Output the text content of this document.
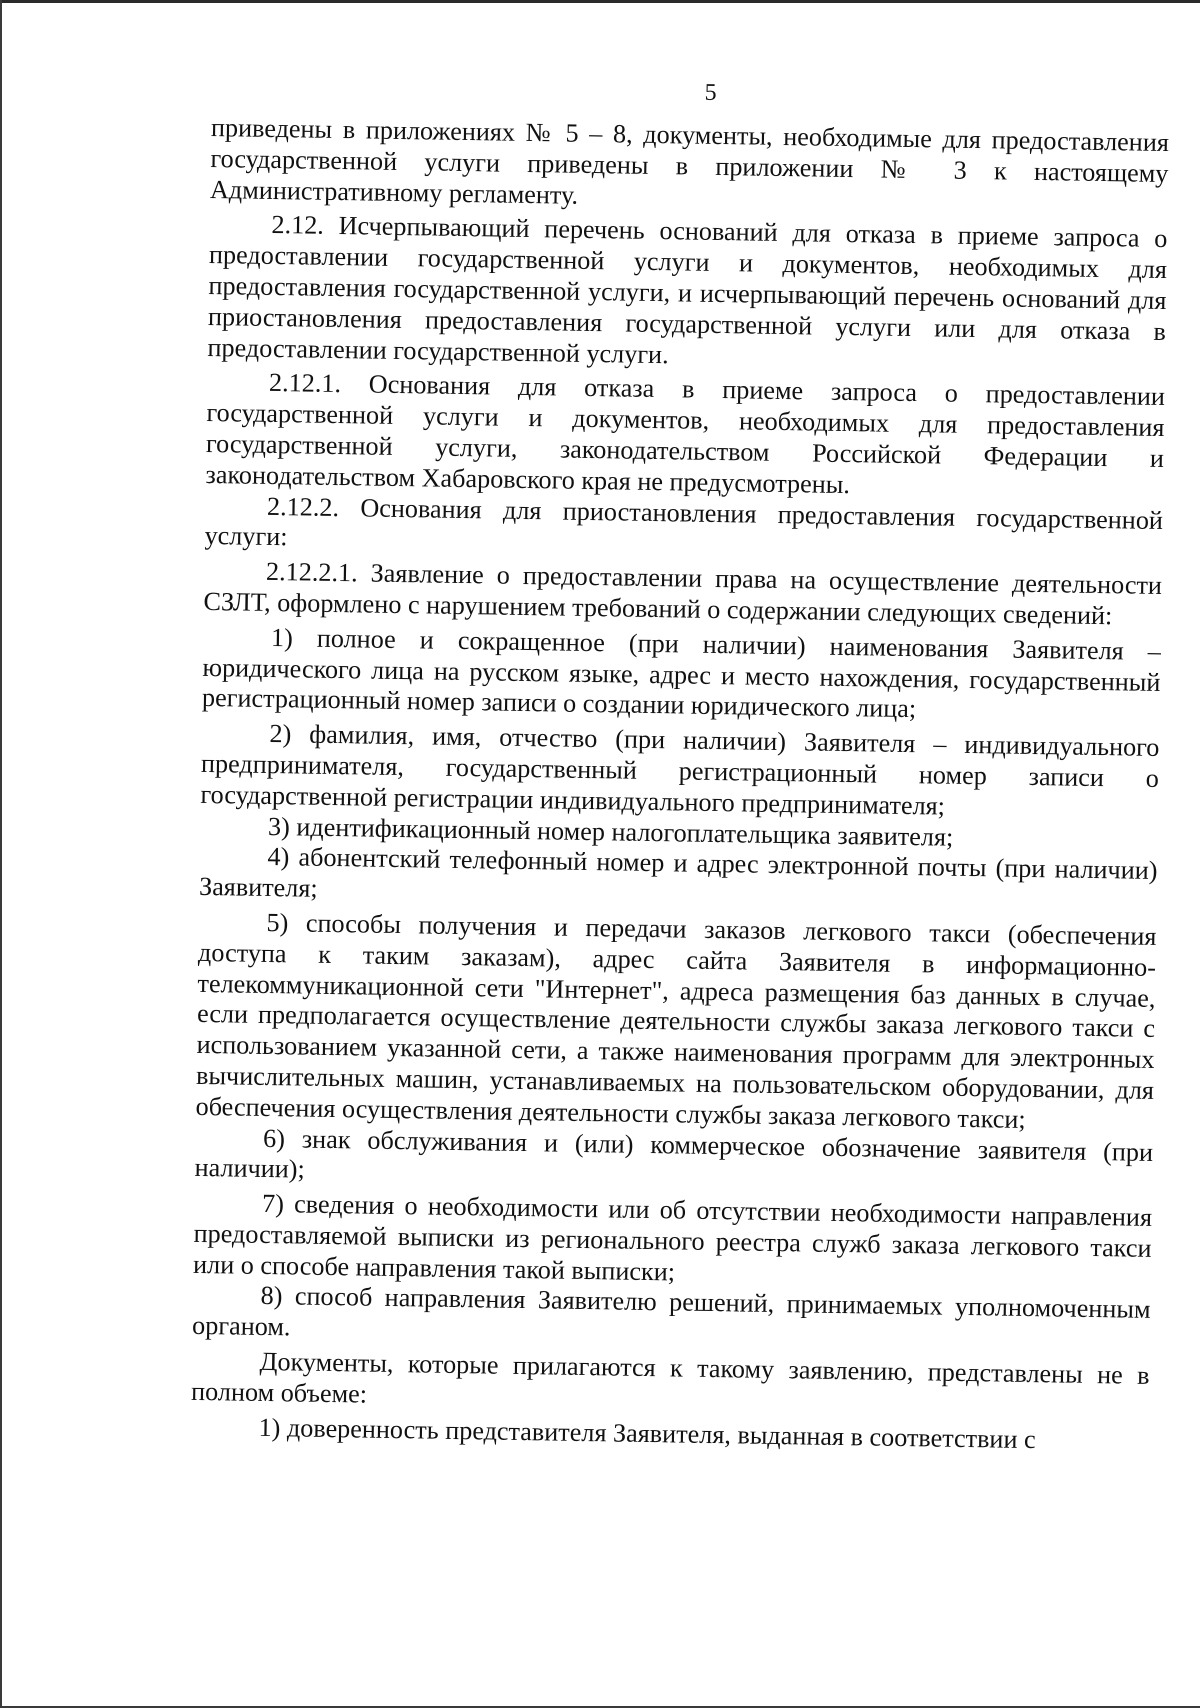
5

приведены в приложениях № 5 – 8, документы, необходимые для предоставления государственной услуги приведены в приложении № 3 к настоящему Административному регламенту.

2.12. Исчерпывающий перечень оснований для отказа в приеме запроса о предоставлении государственной услуги и документов, необходимых для предоставления государственной услуги, и исчерпывающий перечень оснований для приостановления предоставления государственной услуги или для отказа в предоставлении государственной услуги.

2.12.1. Основания для отказа в приеме запроса о предоставлении государственной услуги и документов, необходимых для предоставления государственной услуги, законодательством Российской Федерации и законодательством Хабаровского края не предусмотрены.

2.12.2. Основания для приостановления предоставления государственной услуги:

2.12.2.1. Заявление о предоставлении права на осуществление деятельности СЗЛТ, оформлено с нарушением требований о содержании следующих сведений:

1) полное и сокращенное (при наличии) наименования Заявителя – юридического лица на русском языке, адрес и место нахождения, государственный регистрационный номер записи о создании юридического лица;

2) фамилия, имя, отчество (при наличии) Заявителя – индивидуального предпринимателя, государственный регистрационный номер записи о государственной регистрации индивидуального предпринимателя;

3) идентификационный номер налогоплательщика заявителя;

4) абонентский телефонный номер и адрес электронной почты (при наличии) Заявителя;

5) способы получения и передачи заказов легкового такси (обеспечения доступа к таким заказам), адрес сайта Заявителя в информационно-телекоммуникационной сети "Интернет", адреса размещения баз данных в случае, если предполагается осуществление деятельности службы заказа легкового такси с использованием указанной сети, а также наименования программ для электронных вычислительных машин, устанавливаемых на пользовательском оборудовании, для обеспечения осуществления деятельности службы заказа легкового такси;

6) знак обслуживания и (или) коммерческое обозначение заявителя (при наличии);

7) сведения о необходимости или об отсутствии необходимости направления предоставляемой выписки из регионального реестра служб заказа легкового такси или о способе направления такой выписки;

8) способ направления Заявителю решений, принимаемых уполномоченным органом.

Документы, которые прилагаются к такому заявлению, представлены не в полном объеме:

1) доверенность представителя Заявителя, выданная в соответствии с
